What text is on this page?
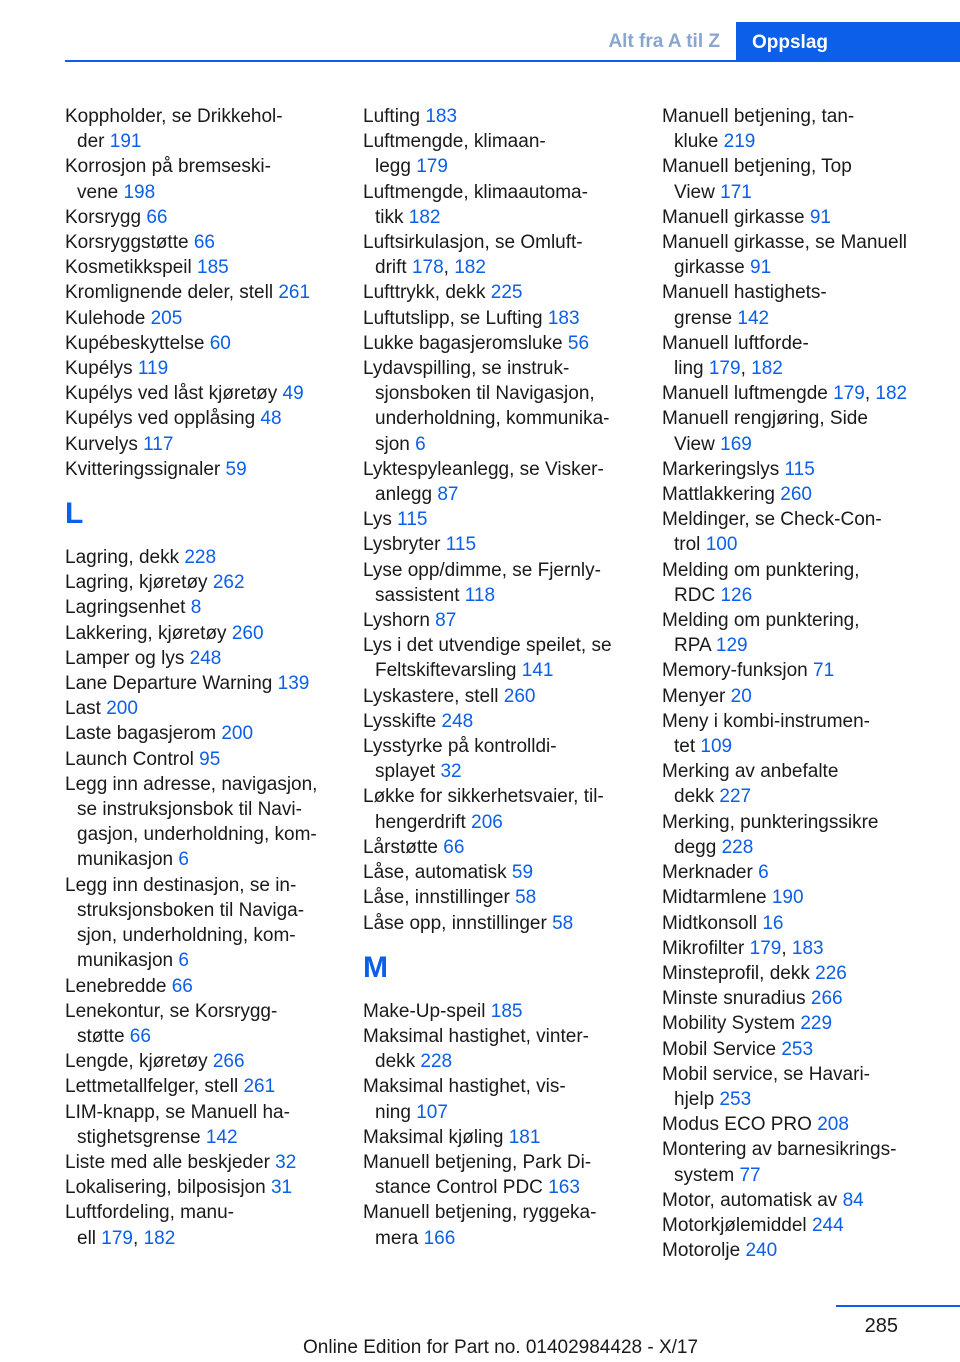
Alt fra A til Z	Oppslag
Koppholder, se Drikkehol-
der 191
Korrosjon på bremseski-
vene 198
Korsrygg 66
Korsryggstøtte 66
Kosmetikkspeil 185
Kromlignende deler, stell 261
Kulehode 205
Kupébeskyttelse 60
Kupélys 119
Kupélys ved låst kjøretøy 49
Kupélys ved opplåsing 48
Kurvelys 117
Kvitteringssignaler 59
L
Lagring, dekk 228
Lagring, kjøretøy 262
Lagringsenhet 8
Lakkering, kjøretøy 260
Lamper og lys 248
Lane Departure Warning 139
Last 200
Laste bagasjerom 200
Launch Control 95
Legg inn adresse, navigasjon,
se instruksjonsbok til Navi-
gasjon, underholdning, kom-
munikasjon 6
Legg inn destinasjon, se in-
struksjonsboken til Naviga-
sjon, underholdning, kom-
munikasjon 6
Lenebredde 66
Lenekontur, se Korsrygg-
støtte 66
Lengde, kjøretøy 266
Lettmetallfelger, stell 261
LIM-knapp, se Manuell ha-
stighetsgrense 142
Liste med alle beskjeder 32
Lokalisering, bilposisjon 31
Luftfordeling, manu-
ell 179, 182
Lufting 183
Luftmengde, klimaan-
legg 179
Luftmengde, klimaautoma-
tikk 182
Luftsirkulasjon, se Omluft-
drift 178, 182
Lufttrykk, dekk 225
Luftutslipp, se Lufting 183
Lukke bagasjeromsluke 56
Lydavspilling, se instruk-
sjonsboken til Navigasjon,
underholdning, kommunika-
sjon 6
Lyktespyleanlegg, se Visker-
anlegg 87
Lys 115
Lysbryter 115
Lyse opp/dimme, se Fjernly-
sassistent 118
Lyshorn 87
Lys i det utvendige speilet, se
Feltskiftevarsling 141
Lyskastere, stell 260
Lysskifte 248
Lysstyrke på kontrolldi-
splayet 32
Løkke for sikkerhetsvaier, til-
hengerdrift 206
Lårstøtte 66
Låse, automatisk 59
Låse, innstillinger 58
Låse opp, innstillinger 58
M
Make-Up-speil 185
Maksimal hastighet, vinter-
dekk 228
Maksimal hastighet, vis-
ning 107
Maksimal kjøling 181
Manuell betjening, Park Di-
stance Control PDC 163
Manuell betjening, ryggeka-
mera 166
Manuell betjening, tan-
kluke 219
Manuell betjening, Top
View 171
Manuell girkasse 91
Manuell girkasse, se Manuell
girkasse 91
Manuell hastighets-
grense 142
Manuell luftforde-
ling 179, 182
Manuell luftmengde 179, 182
Manuell rengjøring, Side
View 169
Markeringslys 115
Mattlakkering 260
Meldinger, se Check-Con-
trol 100
Melding om punktering,
RDC 126
Melding om punktering,
RPA 129
Memory-funksjon 71
Menyer 20
Meny i kombi-instrumen-
tet 109
Merking av anbefalte
dekk 227
Merking, punkteringssikre
degg 228
Merknader 6
Midtarmlene 190
Midtkonsoll 16
Mikrofilter 179, 183
Minsteprofil, dekk 226
Minste snuradius 266
Mobility System 229
Mobil Service 253
Mobil service, se Havari-
hjelp 253
Modus ECO PRO 208
Montering av barnesikrings-
system 77
Motor, automatisk av 84
Motorkjølemiddel 244
Motorolje 240
285
Online Edition for Part no. 01402984428 - X/17
